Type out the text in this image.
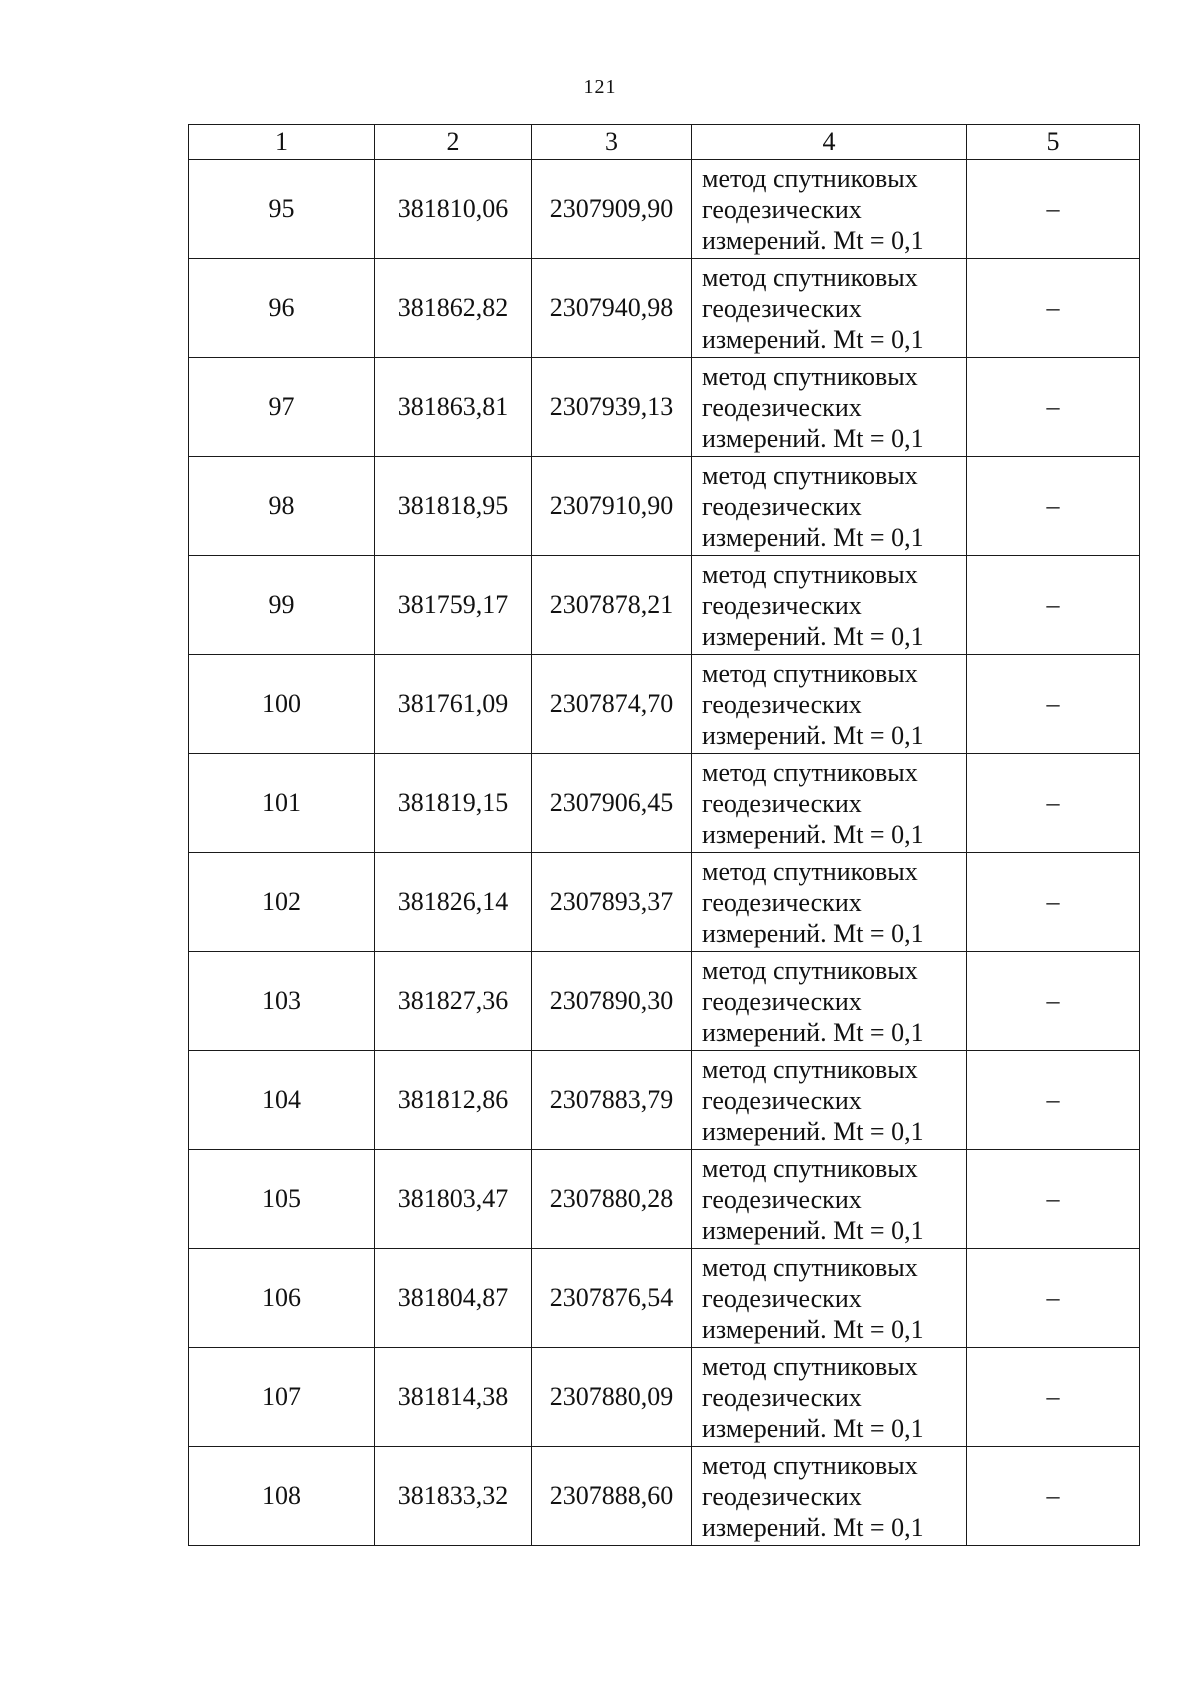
121
1	2	3	4	5
95	381810,06	2307909,90	метод спутниковых
геодезических
измерений. Mt = 0,1	–
96	381862,82	2307940,98	метод спутниковых
геодезических
измерений. Mt = 0,1	–
97	381863,81	2307939,13	метод спутниковых
геодезических
измерений. Mt = 0,1	–
98	381818,95	2307910,90	метод спутниковых
геодезических
измерений. Mt = 0,1	–
99	381759,17	2307878,21	метод спутниковых
геодезических
измерений. Mt = 0,1	–
100	381761,09	2307874,70	метод спутниковых
геодезических
измерений. Mt = 0,1	–
101	381819,15	2307906,45	метод спутниковых
геодезических
измерений. Mt = 0,1	–
102	381826,14	2307893,37	метод спутниковых
геодезических
измерений. Mt = 0,1	–
103	381827,36	2307890,30	метод спутниковых
геодезических
измерений. Mt = 0,1	–
104	381812,86	2307883,79	метод спутниковых
геодезических
измерений. Mt = 0,1	–
105	381803,47	2307880,28	метод спутниковых
геодезических
измерений. Mt = 0,1	–
106	381804,87	2307876,54	метод спутниковых
геодезических
измерений. Mt = 0,1	–
107	381814,38	2307880,09	метод спутниковых
геодезических
измерений. Mt = 0,1	–
108	381833,32	2307888,60	метод спутниковых
геодезических
измерений. Mt = 0,1	–
